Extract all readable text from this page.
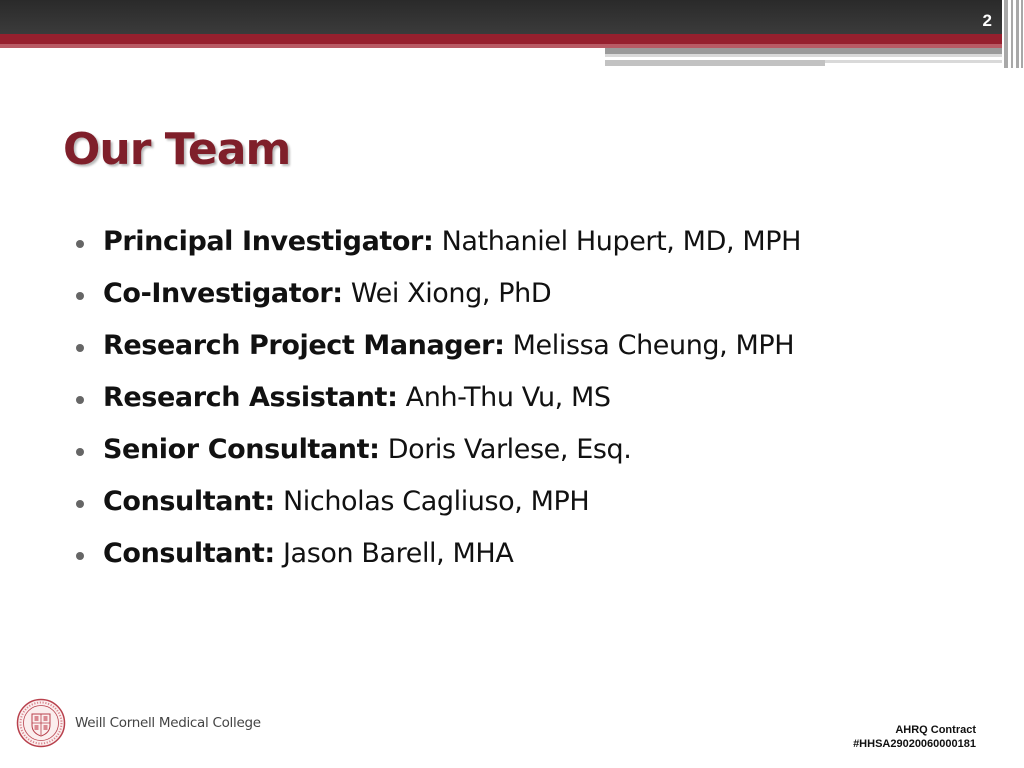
2
Our Team
Principal Investigator: Nathaniel Hupert, MD, MPH
Co-Investigator: Wei Xiong, PhD
Research Project Manager: Melissa Cheung, MPH
Research Assistant: Anh-Thu Vu, MS
Senior Consultant: Doris Varlese, Esq.
Consultant: Nicholas Cagliuso, MPH
Consultant: Jason Barell, MHA
Weill Cornell Medical College	AHRQ Contract
#HHSA29020060000181
